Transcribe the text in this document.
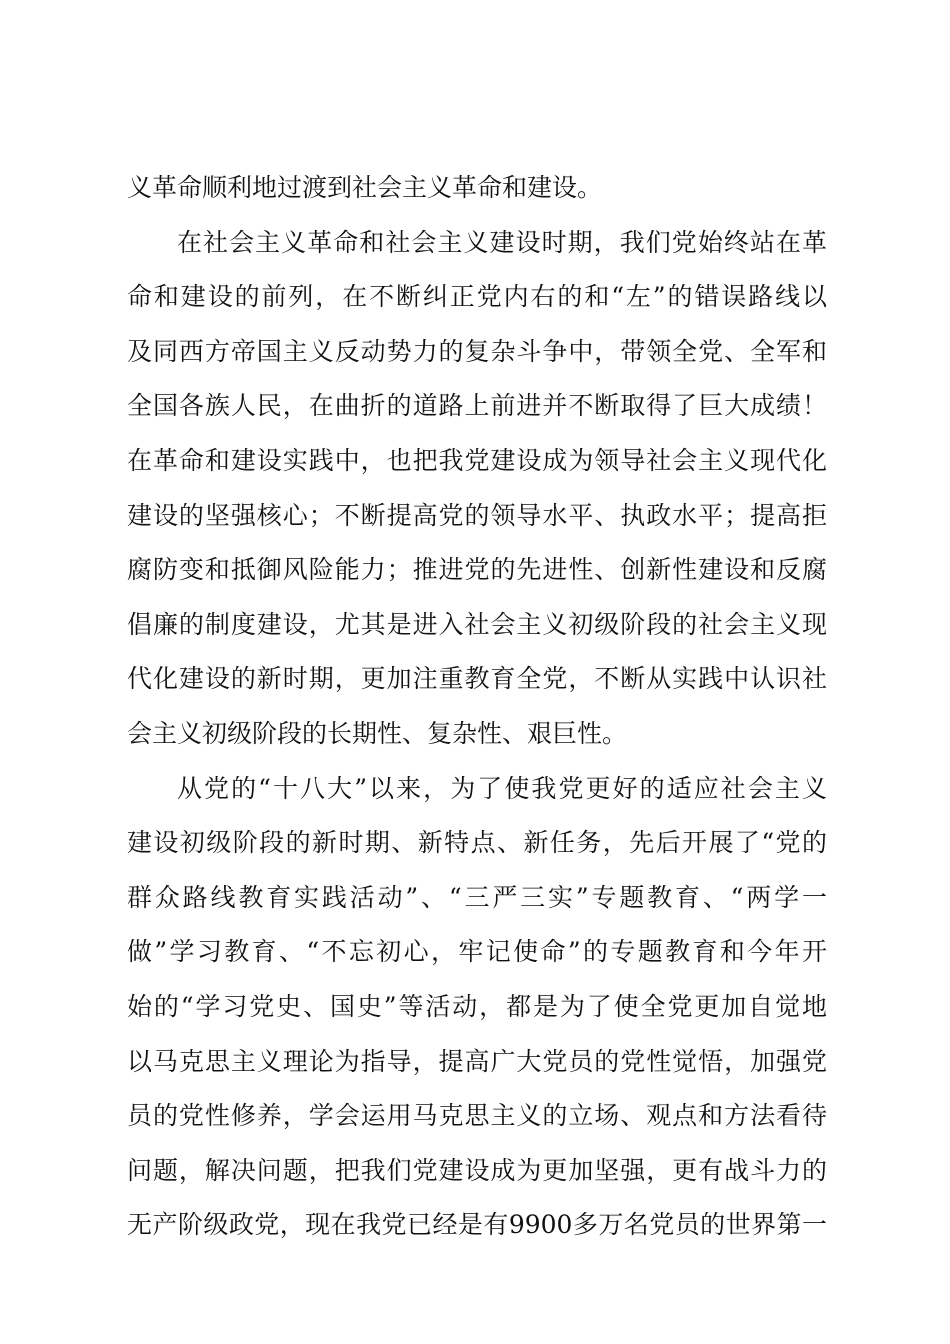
义革命顺利地过渡到社会主义革命和建设。
在社会主义革命和社会主义建设时期，我们党始终站在革
命和建设的前列，在不断纠正党内右的和“左”的错误路线以
及同西方帝国主义反动势力的复杂斗争中，带领全党、全军和
全国各族人民，在曲折的道路上前进并不断取得了巨大成绩！
在革命和建设实践中，也把我党建设成为领导社会主义现代化
建设的坚强核心；不断提高党的领导水平、执政水平；提高拒
腐防变和抵御风险能力；推进党的先进性、创新性建设和反腐
倡廉的制度建设，尤其是进入社会主义初级阶段的社会主义现
代化建设的新时期，更加注重教育全党，不断从实践中认识社
会主义初级阶段的长期性、复杂性、艰巨性。
从党的“十八大”以来，为了使我党更好的适应社会主义
建设初级阶段的新时期、新特点、新任务，先后开展了“党的
群众路线教育实践活动”、“三严三实”专题教育、“两学一
做”学习教育、“不忘初心，牢记使命”的专题教育和今年开
始的“学习党史、国史”等活动，都是为了使全党更加自觉地
以马克思主义理论为指导，提高广大党员的党性觉悟，加强党
员的党性修养，学会运用马克思主义的立场、观点和方法看待
问题，解决问题，把我们党建设成为更加坚强，更有战斗力的
无产阶级政党，现在我党已经是有9900多万名党员的世界第一
